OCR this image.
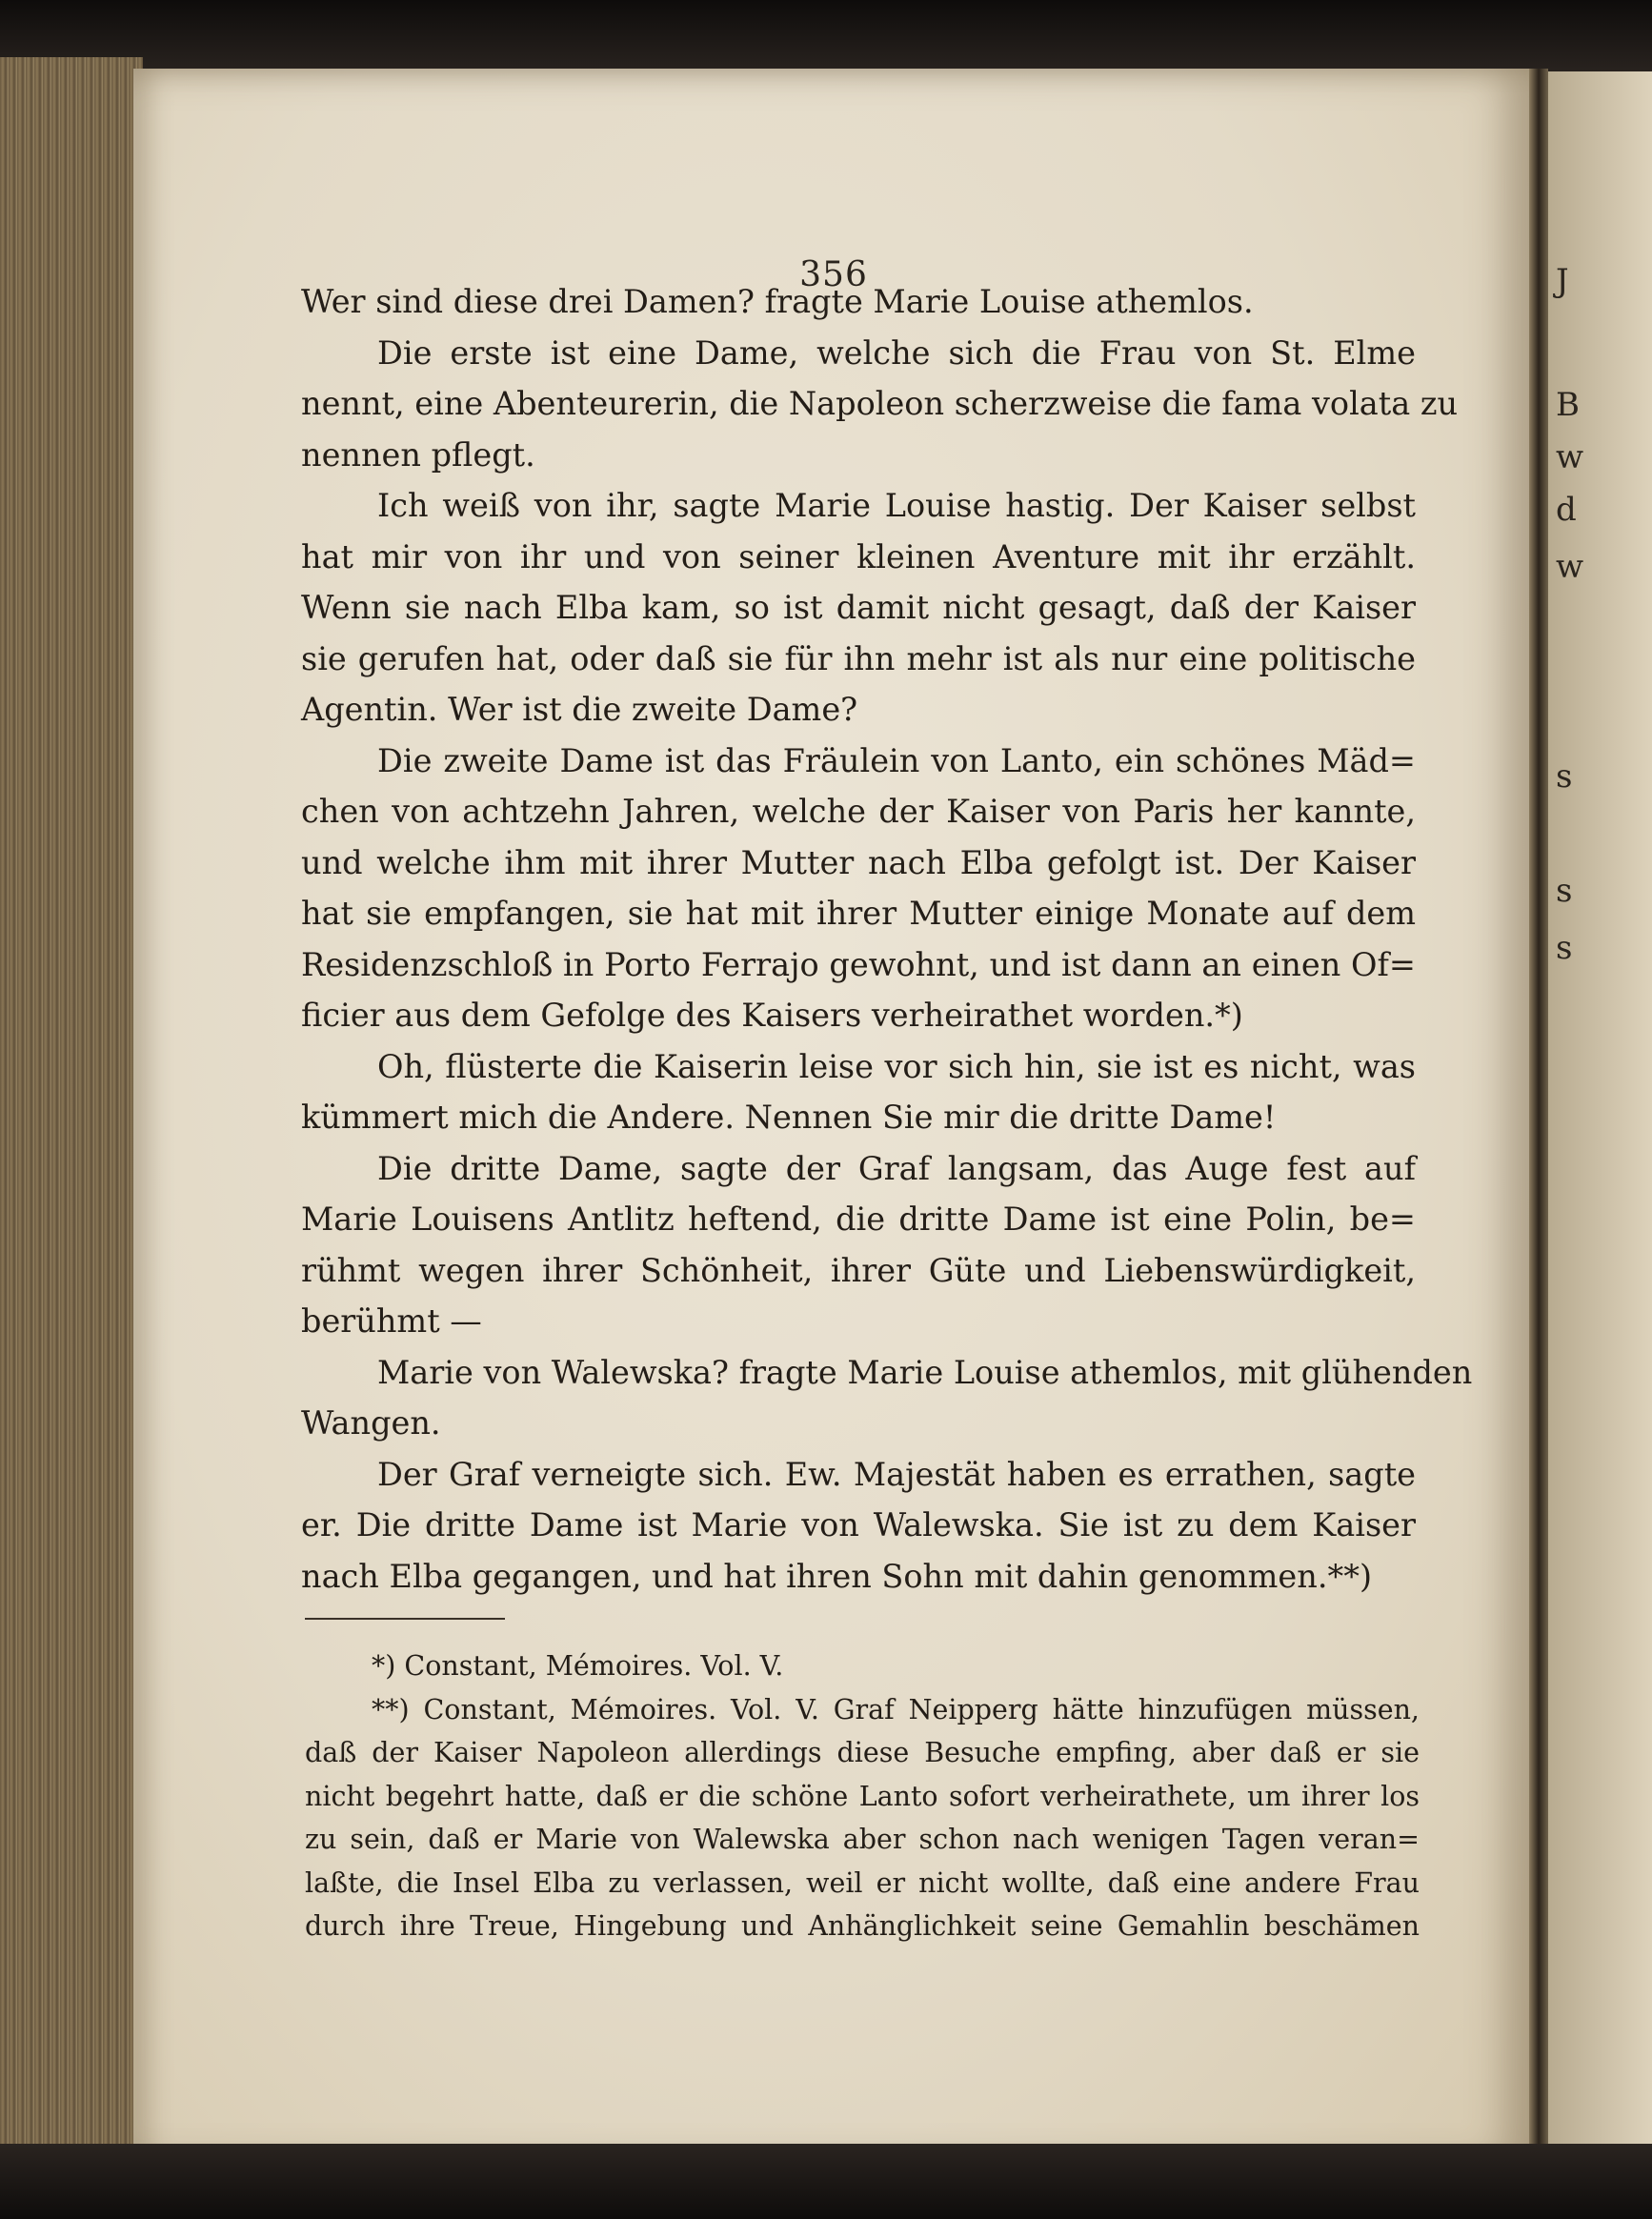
356	J
B
w
d
w
s
s
s
Wer sind diese drei Damen? fragte Marie Louise athemlos.
Die erste ist eine Dame, welche sich die Frau von St. Elme
nennt, eine Abenteurerin, die Napoleon scherzweise die fama volata zu
nennen pflegt.
Ich weiß von ihr, sagte Marie Louise hastig. Der Kaiser selbst
hat mir von ihr und von seiner kleinen Aventure mit ihr erzählt.
Wenn sie nach Elba kam, so ist damit nicht gesagt, daß der Kaiser
sie gerufen hat, oder daß sie für ihn mehr ist als nur eine politische
Agentin. Wer ist die zweite Dame?
Die zweite Dame ist das Fräulein von Lanto, ein schönes Mäd=
chen von achtzehn Jahren, welche der Kaiser von Paris her kannte,
und welche ihm mit ihrer Mutter nach Elba gefolgt ist. Der Kaiser
hat sie empfangen, sie hat mit ihrer Mutter einige Monate auf dem
Residenzschloß in Porto Ferrajo gewohnt, und ist dann an einen Of=
ficier aus dem Gefolge des Kaisers verheirathet worden.*)
Oh, flüsterte die Kaiserin leise vor sich hin, sie ist es nicht, was
kümmert mich die Andere. Nennen Sie mir die dritte Dame!
Die dritte Dame, sagte der Graf langsam, das Auge fest auf
Marie Louisens Antlitz heftend, die dritte Dame ist eine Polin, be=
rühmt wegen ihrer Schönheit, ihrer Güte und Liebenswürdigkeit,
berühmt —
Marie von Walewska? fragte Marie Louise athemlos, mit glühenden
Wangen.
Der Graf verneigte sich. Ew. Majestät haben es errathen, sagte
er. Die dritte Dame ist Marie von Walewska. Sie ist zu dem Kaiser
nach Elba gegangen, und hat ihren Sohn mit dahin genommen.**)
*) Constant, Mémoires. Vol. V.
**) Constant, Mémoires. Vol. V. Graf Neipperg hätte hinzufügen müssen,
daß der Kaiser Napoleon allerdings diese Besuche empfing, aber daß er sie
nicht begehrt hatte, daß er die schöne Lanto sofort verheirathete, um ihrer los
zu sein, daß er Marie von Walewska aber schon nach wenigen Tagen veran=
laßte, die Insel Elba zu verlassen, weil er nicht wollte, daß eine andere Frau
durch ihre Treue, Hingebung und Anhänglichkeit seine Gemahlin beschämen
